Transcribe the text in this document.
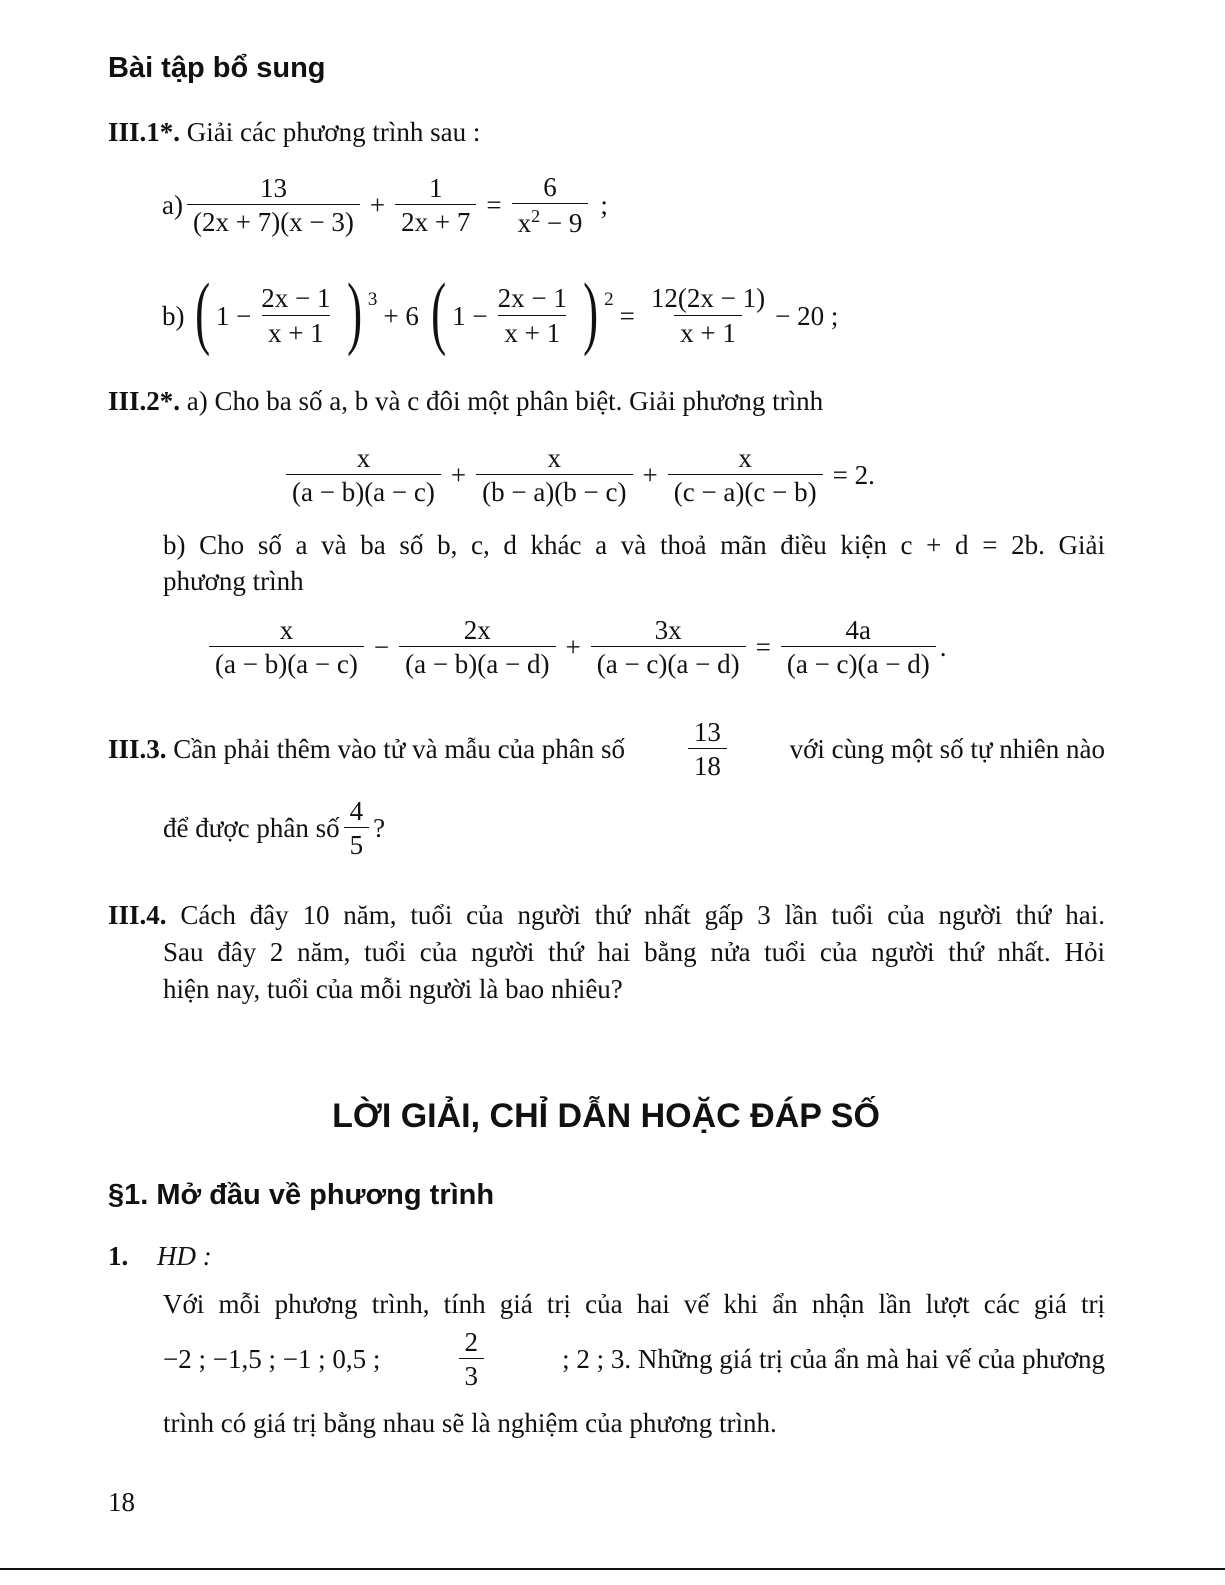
Bài tập bổ sung
III.1*. Giải các phương trình sau :
$a) \frac{13}{(2x + 7)(x - 3)} + \frac{1}{2x + 7} = \frac{6}{x^2 - 9}$ ;
b) ( $1 - \frac{2x - 1}{x + 1}$ ) 3
+ 6 ( $1 - \frac{2x - 1}{x + 1}$ ) 2
= $\frac{12(2x - 1)}{x + 1} - 20$ ;
III.2*. a) Cho ba số a, b và c đôi một phân biệt. Giải phương trình
$\frac{x}{(a - b)(a - c)} + \frac{x}{(b - a)(b - c)} + \frac{x}{(c - a)(c - b)} = 2$.
b) Cho số a và ba số b, c, d khác a và thoả mãn điều kiện c + d = 2b. Giải
phương trình
$\frac{x}{(a - b)(a - c)} - \frac{2x}{(a - b)(a - d)} + \frac{3x}{(a - c)(a - d)} = \frac{4a}{(a - c)(a - d)}$ .
III.3. Cần phải thêm vào tử và mẫu của phân số $\frac{13}{18}$ với cùng một số tự nhiên nào
để được phân số $\frac{4}{5}$ ?
III.4. Cách đây 10 năm, tuổi của người thứ nhất gấp 3 lần tuổi của người thứ hai.
Sau đây 2 năm, tuổi của người thứ hai bằng nửa tuổi của người thứ nhất. Hỏi
hiện nay, tuổi của mỗi người là bao nhiêu?
LỜI GIẢI, CHỈ DẪN HOẶC ĐÁP SỐ
§1. Mở đầu về phương trình
1. HD :
Với mỗi phương trình, tính giá trị của hai vế khi ẩn nhận lần lượt các giá trị
−2 ; −1,5 ; −1 ; 0,5 ;	$\frac{2}{3}$	; 2 ; 3. Những giá trị của ẩn mà hai vế của phương
trình có giá trị bằng nhau sẽ là nghiệm của phương trình.
18
